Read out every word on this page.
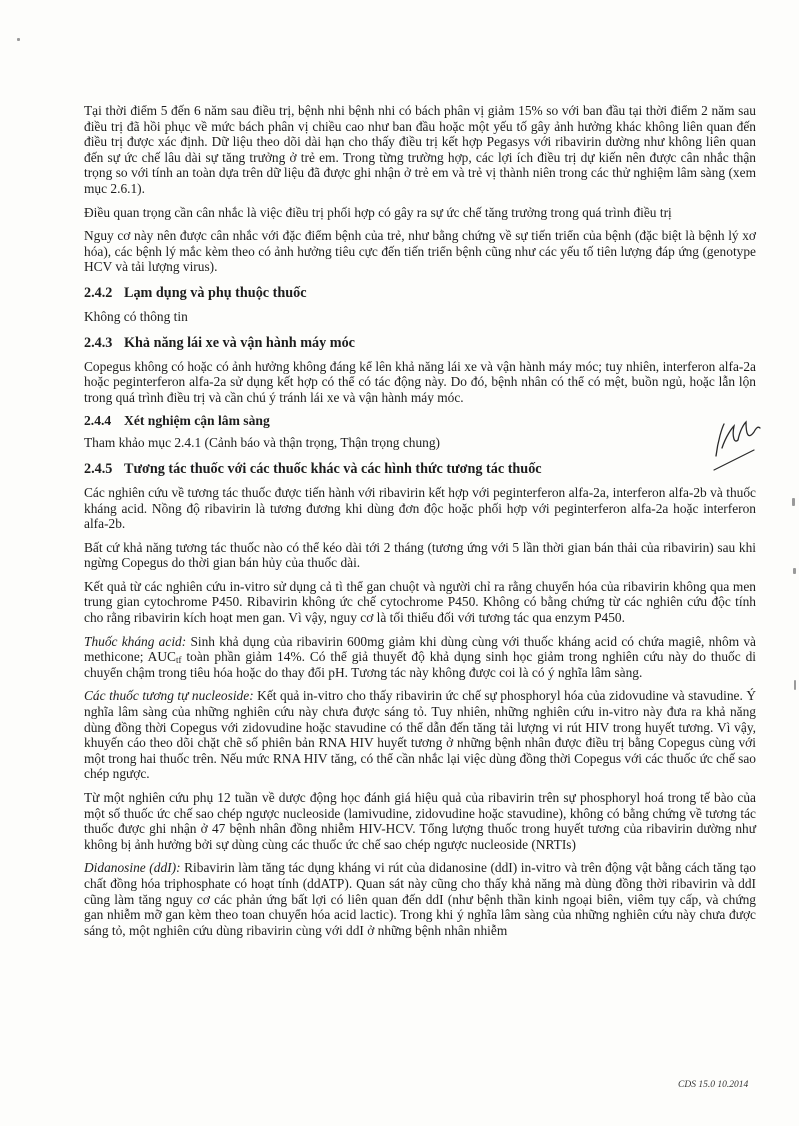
Tại thời điểm 5 đến 6 năm sau điều trị, bệnh nhi bệnh nhi có bách phân vị giảm 15% so với ban đầu tại thời điểm 2 năm sau điều trị đã hồi phục về mức bách phân vị chiều cao như ban đầu hoặc một yếu tố gây ảnh hưởng khác không liên quan đến điều trị được xác định. Dữ liệu theo dõi dài hạn cho thấy điều trị kết hợp Pegasys với ribavirin dường như không liên quan đến sự ức chế lâu dài sự tăng trưởng ở trẻ em. Trong từng trường hợp, các lợi ích điều trị dự kiến nên được cân nhắc thận trọng so với tính an toàn dựa trên dữ liệu đã được ghi nhận ở trẻ em và trẻ vị thành niên trong các thử nghiệm lâm sàng (xem mục 2.6.1).

Điều quan trọng cần cân nhắc là việc điều trị phối hợp có gây ra sự ức chế tăng trưởng trong quá trình điều trị

Nguy cơ này nên được cân nhắc với đặc điểm bệnh của trẻ, như bằng chứng về sự tiến triển của bệnh (đặc biệt là bệnh lý xơ hóa), các bệnh lý mắc kèm theo có ảnh hưởng tiêu cực đến tiến triển bệnh cũng như các yếu tố tiên lượng đáp ứng (genotype HCV và tải lượng virus).

2.4.2 Lạm dụng và phụ thuộc thuốc

Không có thông tin

2.4.3 Khả năng lái xe và vận hành máy móc

Copegus không có hoặc có ảnh hưởng không đáng kể lên khả năng lái xe và vận hành máy móc; tuy nhiên, interferon alfa-2a hoặc peginterferon alfa-2a sử dụng kết hợp có thể có tác động này. Do đó, bệnh nhân có thể có mệt, buồn ngủ, hoặc lẫn lộn trong quá trình điều trị và cần chú ý tránh lái xe và vận hành máy móc.

2.4.4 Xét nghiệm cận lâm sàng

Tham khảo mục 2.4.1 (Cảnh báo và thận trọng, Thận trọng chung)

2.4.5 Tương tác thuốc với các thuốc khác và các hình thức tương tác thuốc

Các nghiên cứu về tương tác thuốc được tiến hành với ribavirin kết hợp với peginterferon alfa-2a, interferon alfa-2b và thuốc kháng acid. Nồng độ ribavirin là tương đương khi dùng đơn độc hoặc phối hợp với peginterferon alfa-2a hoặc interferon alfa-2b.

Bất cứ khả năng tương tác thuốc nào có thể kéo dài tới 2 tháng (tương ứng với 5 lần thời gian bán thải của ribavirin) sau khi ngừng Copegus do thời gian bán hủy của thuốc dài.

Kết quả từ các nghiên cứu in-vitro sử dụng cả tì thể gan chuột và người chỉ ra rằng chuyển hóa của ribavirin không qua men trung gian cytochrome P450. Ribavirin không ức chế cytochrome P450. Không có bằng chứng từ các nghiên cứu độc tính cho rằng ribavirin kích hoạt men gan. Vì vậy, nguy cơ là tối thiểu đối với tương tác qua enzym P450.

Thuốc kháng acid: Sinh khả dụng của ribavirin 600mg giảm khi dùng cùng với thuốc kháng acid có chứa magiê, nhôm và methicone; $AUC_{tf}$ toàn phần giảm 14%. Có thể giả thuyết độ khả dụng sinh học giảm trong nghiên cứu này do thuốc di chuyển chậm trong tiêu hóa hoặc do thay đổi pH. Tương tác này không được coi là có ý nghĩa lâm sàng.

Các thuốc tương tự nucleoside: Kết quả in-vitro cho thấy ribavirin ức chế sự phosphoryl hóa của zidovudine và stavudine. Ý nghĩa lâm sàng của những nghiên cứu này chưa được sáng tỏ. Tuy nhiên, những nghiên cứu in-vitro này đưa ra khả năng dùng đồng thời Copegus với zidovudine hoặc stavudine có thể dẫn đến tăng tải lượng vi rút HIV trong huyết tương. Vì vậy, khuyến cáo theo dõi chặt chẽ số phiên bản RNA HIV huyết tương ở những bệnh nhân được điều trị bằng Copegus cùng với một trong hai thuốc trên. Nếu mức RNA HIV tăng, có thể cần nhắc lại việc dùng đồng thời Copegus với các thuốc ức chế sao chép ngược.

Từ một nghiên cứu phụ 12 tuần về dược động học đánh giá hiệu quả của ribavirin trên sự phosphoryl hoá trong tế bào của một số thuốc ức chế sao chép ngược nucleoside (lamivudine, zidovudine hoặc stavudine), không có bằng chứng về tương tác thuốc được ghi nhận ở 47 bệnh nhân đồng nhiễm HIV-HCV. Tổng lượng thuốc trong huyết tương của ribavirin dường như không bị ảnh hưởng bởi sự dùng cùng các thuốc ức chế sao chép ngược nucleoside (NRTIs)

Didanosine (ddI): Ribavirin làm tăng tác dụng kháng vi rút của didanosine (ddI) in-vitro và trên động vật bằng cách tăng tạo chất đồng hóa triphosphate có hoạt tính (ddATP). Quan sát này cũng cho thấy khả năng mà dùng đồng thời ribavirin và ddI cũng làm tăng nguy cơ các phản ứng bất lợi có liên quan đến ddI (như bệnh thần kinh ngoại biên, viêm tụy cấp, và chứng gan nhiễm mỡ gan kèm theo toan chuyển hóa acid lactic). Trong khi ý nghĩa lâm sàng của những nghiên cứu này chưa được sáng tỏ, một nghiên cứu dùng ribavirin cùng với ddI ở những bệnh nhân nhiễm

CDS 15.0 10.2014
